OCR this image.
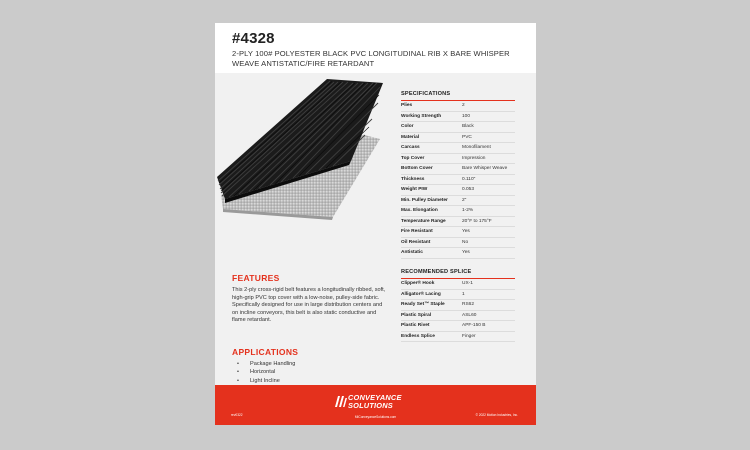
#4328
2-PLY 100# POLYESTER BLACK PVC LONGITUDINAL RIB X BARE WHISPER WEAVE ANTISTATIC/FIRE RETARDANT
FEATURES
This 2-ply cross-rigid belt features a longitudinally ribbed, soft, high-grip PVC top cover with a low-noise, pulley-side fabric. Specifically designed for use in large distribution centers and on incline conveyors, this belt is also static conductive and flame retardant.
APPLICATIONS
• Package Handling
• Horizontal
• Light Incline
SPECIFICATIONS
Plies	2
Working Strength	100
Color	Black
Material	PVC
Carcass	Monofilament
Top Cover	Impression
Bottom Cover	Bare Whisper Weave
Thickness	0.110"
Weight PIW	0.053
Min. Pulley Diameter	2"
Max. Elongation	1-2%
Temperature Range	20°F to 175°F
Fire Resistant	Yes
Oil Resistant	No
Antistatic	Yes
RECOMMENDED SPLICE
Clipper® Hook	UX-1
Alligator® Lacing	1
Ready Set™ Staple	RS62
Plastic Spiral	ASL60
Plastic Rivet	APF-150 B
Endless Splice	Finger
CONVEYANCE
SOLUTIONS
MIConveyanceSolutions.com
rev0322	© 2022 Motion Industries, Inc.
